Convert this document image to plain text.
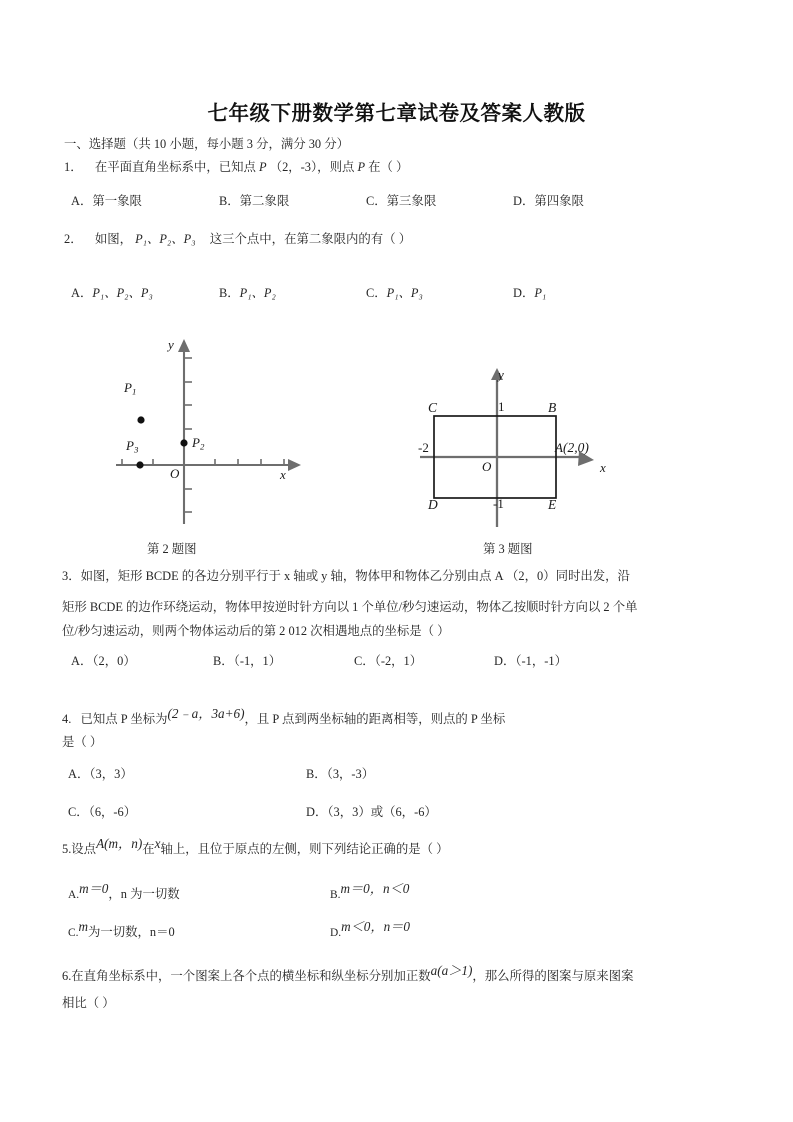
七年级下册数学第七章试卷及答案人教版
一、选择题（共 10 小题，每小题 3 分，满分 30 分）
1． 在平面直角坐标系中，已知点 P （2，-3），则点 P 在（ ）
A．第一象限	B．第二象限	C．第三象限	D．第四象限
2． 如图， P₁、P₂、P₃ 这三个点中，在第二象限内的有（ ）
A．P₁、P₂、P₃	B．P₁、P₂	C．P₁、P₃	D．P₁
$P_1$
$P_2$
$P_3$
y
x
O
第 2 题图
y
x
O
C	B
E
D
1
-1
-2	A(2,0)
第 3 题图
3．如图，矩形 BCDE 的各边分别平行于 x 轴或 y 轴，物体甲和物体乙分别由点 A （2，0）同时出发，沿
矩形 BCDE 的边作环绕运动，物体甲按逆时针方向以 1 个单位/秒匀速运动，物体乙按顺时针方向以 2 个单
位/秒匀速运动，则两个物体运动后的第 2 012 次相遇地点的坐标是（ ）
A．（2，0）	B．（-1，1）	C．（-2，1）	D．（-1，-1）
4. 已知点 P 坐标为(2﹣a，3a+6)，且 P 点到两坐标轴的距离相等，则点的 P 坐标
是（ ）
A．（3，3）	B．（3，-3）
C．（6，-6）	D．（3，3）或（6，-6）
5.设点A(m，n)在x轴上，且位于原点的左侧，则下列结论正确的是（ ）
A.m＝0，n 为一切数	B.m＝0，n＜0
C.m为一切数，n＝0	D.m＜0，n＝0
6.在直角坐标系中，一个图案上各个点的横坐标和纵坐标分别加正数a(a＞1)，那么所得的图案与原来图案
相比（ ）
